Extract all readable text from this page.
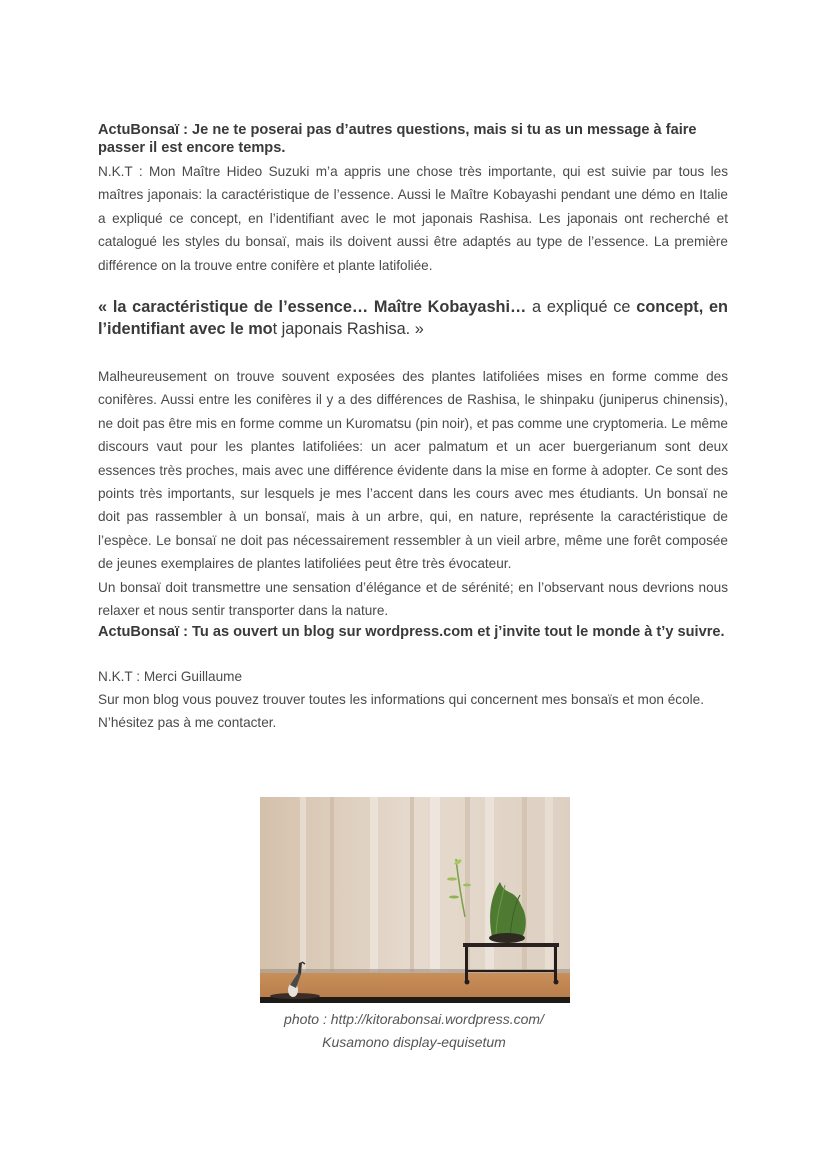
ActuBonsaï : Je ne te poserai pas d’autres questions, mais si tu as un message à faire passer il est encore temps.

N.K.T : Mon Maître Hideo Suzuki m’a appris une chose très importante, qui est suivie par tous les maîtres japonais: la caractéristique de l’essence. Aussi le Maître Kobayashi pendant une démo en Italie a expliqué ce concept, en l’identifiant avec le mot japonais Rashisa. Les japonais ont recherché et catalogué les styles du bonsaï, mais ils doivent aussi être adaptés au type de l’essence. La première différence on la trouve entre conifère et plante latifoliée.

« la caractéristique de l’essence… Maître Kobayashi… a expliqué ce concept, en l’identifiant avec le mot japonais Rashisa. »

Malheureusement on trouve souvent exposées des plantes latifoliées mises en forme comme des conifères. Aussi entre les conifères il y a des différences de Rashisa, le shinpaku (juniperus chinensis), ne doit pas être mis en forme comme un Kuromatsu (pin noir), et pas comme une cryptomeria. Le même discours vaut pour les plantes latifoliées: un acer palmatum et un acer buergerianum sont deux essences très proches, mais avec une différence évidente dans la mise en forme à adopter. Ce sont des points très importants, sur lesquels je mes l’accent dans les cours avec mes étudiants. Un bonsaï ne doit pas rassembler à un bonsaï, mais à un arbre, qui, en nature, représente la caractéristique de l’espèce. Le bonsaï ne doit pas nécessairement ressembler à un vieil arbre, même une forêt composée de jeunes exemplaires de plantes latifoliées peut être très évocateur.

Un bonsaï doit transmettre une sensation d’élégance et de sérénité; en l’observant nous devrions nous relaxer et nous sentir transporter dans la nature.

ActuBonsaï : Tu as ouvert un blog sur wordpress.com et j’invite tout le monde à t’y suivre.

N.K.T : Merci Guillaume

Sur mon blog vous pouvez trouver toutes les informations qui concernent mes bonsaïs et mon école. N’hésitez pas à me contacter.

photo : http://kitorabonsai.wordpress.com/
Kusamono display-equisetum
